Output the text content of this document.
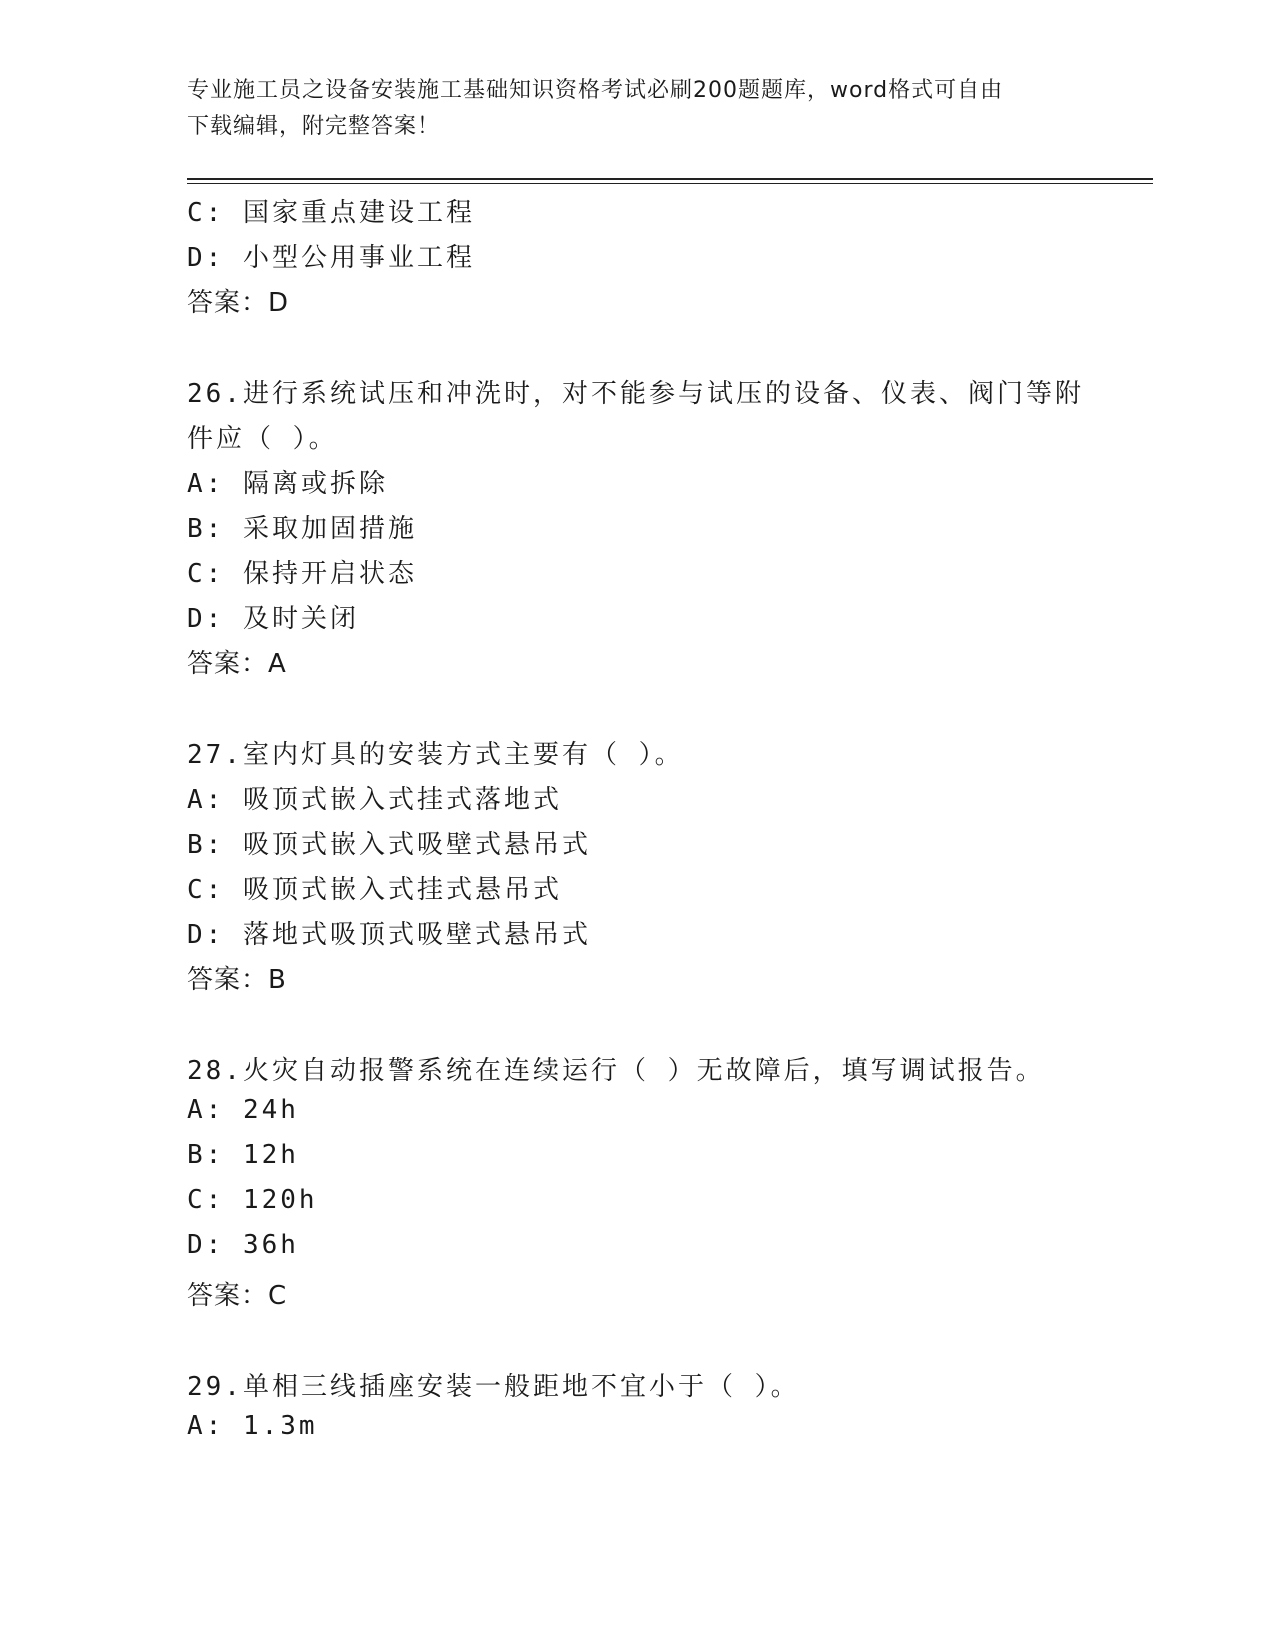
专业施工员之设备安装施工基础知识资格考试必刷200题题库，word格式可自由
下载编辑，附完整答案！
C: 国家重点建设工程
D: 小型公用事业工程
答案：D
26.进行系统试压和冲洗时，对不能参与试压的设备、仪表、阀门等附
件应（ ）。
A: 隔离或拆除
B: 采取加固措施
C: 保持开启状态
D: 及时关闭
答案：A
27.室内灯具的安装方式主要有（ ）。
A: 吸顶式嵌入式挂式落地式
B: 吸顶式嵌入式吸壁式悬吊式
C: 吸顶式嵌入式挂式悬吊式
D: 落地式吸顶式吸壁式悬吊式
答案：B
28.火灾自动报警系统在连续运行（ ）无故障后，填写调试报告。
A: 24h
B: 12h
C: 120h
D: 36h
答案：C
29.单相三线插座安装一般距地不宜小于（ ）。
A: 1.3m
